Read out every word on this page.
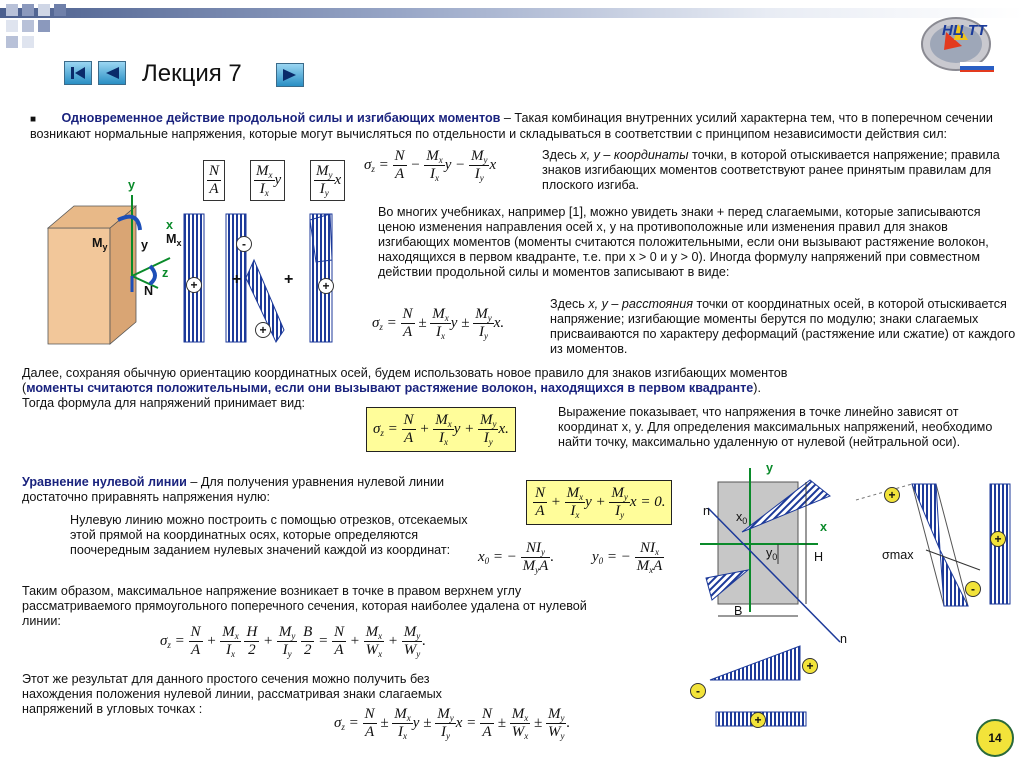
Лекция 7
НЦ ТТ
■ Одновременное действие продольной силы и изгибающих моментов – Такая комбинация внутренних усилий характерна тем, что в поперечном сечении возникают нормальные напряжения, которые могут вычисляться по отдельности и складываться в соответствии с принципом независимости действия сил:
y
x
y
z
$M_y$
$M_x$
N	+ +
-
+
+	+
$\frac{N}{A} \frac{M_x}{I_x}$ y $\frac{M_y}{I_y}$ x
$\sigma_z = \frac{N}{A} - \frac{M_x}{I_x}$ $y - \frac{M_y}{I_y}$ x
Здесь x, y – координаты точки, в которой отыскивается напряжение; правила знаков изгибающих моментов соответствуют ранее принятым правилам для плоского изгиба.
Во многих учебниках, например [1], можно увидеть знаки + перед слагаемыми, которые записываются ценою изменения направления осей x, y на противоположные или изменения правил для знаков изгибающих моментов (моменты считаются положительными, если они вызывают растяжение волокон, находящихся в первом квадранте, т.е. при x > 0 и y > 0). Иногда формулу напряжений при совместном действии продольной силы и моментов записывают в виде:
$\sigma_z = \frac{N}{A} \pm \frac{M_x}{I_x}$ $y \pm \frac{M_y}{I_y} x$.
Здесь x, y – расстояния точки от координатных осей, в которой отыскивается напряжение; изгибающие моменты берутся по модулю; знаки слагаемых присваиваются по характеру деформаций (растяжение или сжатие) от каждого из моментов.
Далее, сохраняя обычную ориентацию координатных осей, будем использовать новое правило для знаков изгибающих моментов
(моменты считаются положительными, если они вызывают растяжение волокон, находящихся в первом квадранте).
Тогда формула для напряжений принимает вид:
$\sigma_z = \frac{N}{A} + \frac{M_x}{I_x}$ $y + \frac{M_y}{I_y} x$.
Выражение показывает, что напряжения в точке линейно зависят от координат x, y. Для определения максимальных напряжений, необходимо найти точку, максимально удаленную от нулевой (нейтральной оси).
Уравнение нулевой линии – Для получения уравнения нулевой линии достаточно приравнять напряжения нулю:
Нулевую линию можно построить с помощью отрезков, отсекаемых этой прямой на координатных осях, которые определяются поочередным заданием нулевых значений каждой из координат:
$\frac{N}{A} + \frac{M_x}{I_x}$ $y + \frac{M_y}{I_y}$ x = 0.
$x_0$ = − $\frac{NI_y}{M_yA}$ .	$y_0$ = − $\frac{NI_x}{M_xA}$
Таким образом, максимальное напряжение возникает в точке в правом верхнем углу рассматриваемого прямоугольного поперечного сечения, которая наиболее удалена от нулевой линии:
$\sigma_z = \frac{N}{A} + \frac{M_x}{I_x}$
$\frac{H}{2} + \frac{M_y}{I_y}$
$\frac{B}{2} = \frac{N}{A} + \frac{M_x}{W_x} + \frac{M_y}{W_y}$ .
Этот же результат для данного простого сечения можно получить без нахождения положения нулевой линии, рассматривая знаки слагаемых напряжений в угловых точках :
$\sigma_z = \frac{N}{A} \pm \frac{M_x}{I_x}$ $y \pm \frac{M_y}{I_y}$ $x = \frac{N}{A} \pm \frac{M_x}{W_x} \pm \frac{M_y}{W_y}$ .
y
x
n
n
$x_0$
$y_0$	H
B
σmax
+
+
-
+
-
+
14
